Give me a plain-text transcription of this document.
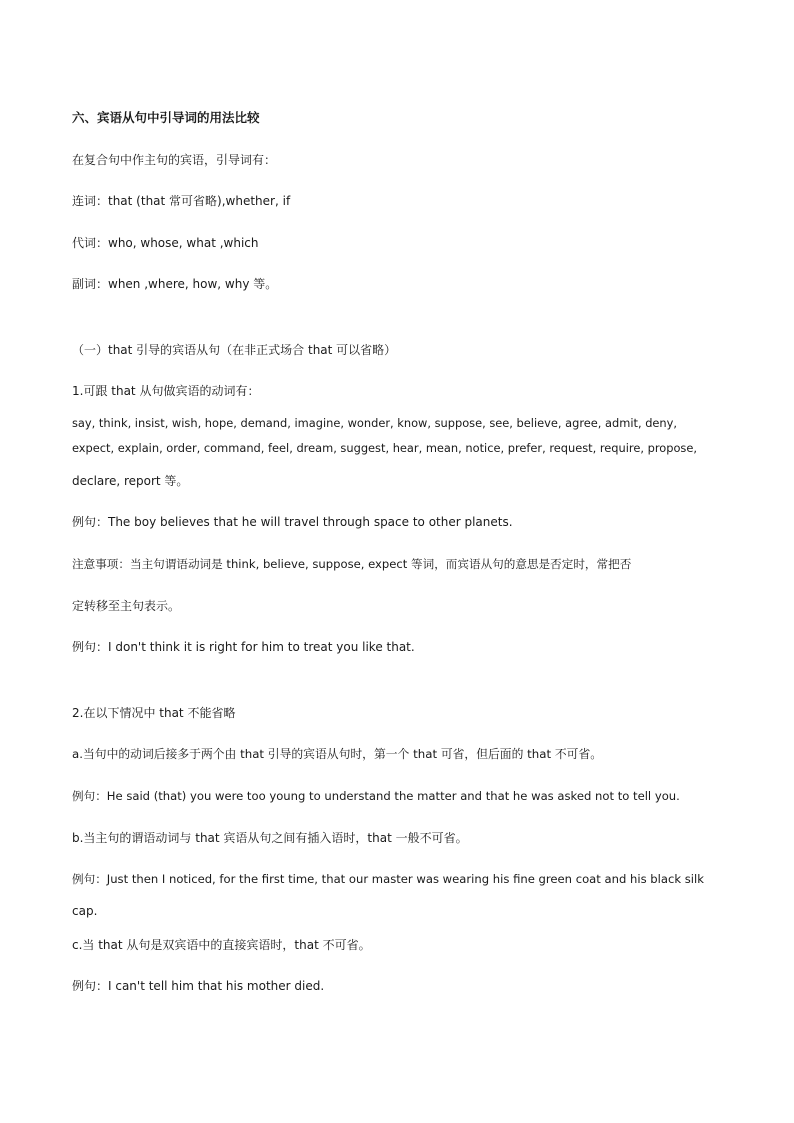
六、宾语从句中引导词的用法比较
在复合句中作主句的宾语，引导词有：
连词：that (that 常可省略),whether, if
代词：who, whose, what ,which
副词：when ,where, how, why 等。
（一）that 引导的宾语从句（在非正式场合 that 可以省略）
1.可跟 that 从句做宾语的动词有：
say, think, insist, wish, hope, demand, imagine, wonder, know, suppose, see, believe, agree, admit, deny,
expect, explain, order, command, feel, dream, suggest, hear, mean, notice, prefer, request, require, propose,
declare, report 等。
例句：The boy believes that he will travel through space to other planets.
注意事项：当主句谓语动词是 think, believe, suppose, expect 等词，而宾语从句的意思是否定时，常把否
定转移至主句表示。
例句：I don't think it is right for him to treat you like that.
2.在以下情况中 that 不能省略
a.当句中的动词后接多于两个由 that 引导的宾语从句时，第一个 that 可省，但后面的 that 不可省。
例句：He said (that) you were too young to understand the matter and that he was asked not to tell you.
b.当主句的谓语动词与 that 宾语从句之间有插入语时，that 一般不可省。
例句：Just then I noticed, for the first time, that our master was wearing his fine green coat and his black silk
cap.
c.当 that 从句是双宾语中的直接宾语时，that 不可省。
例句：I can't tell him that his mother died.
